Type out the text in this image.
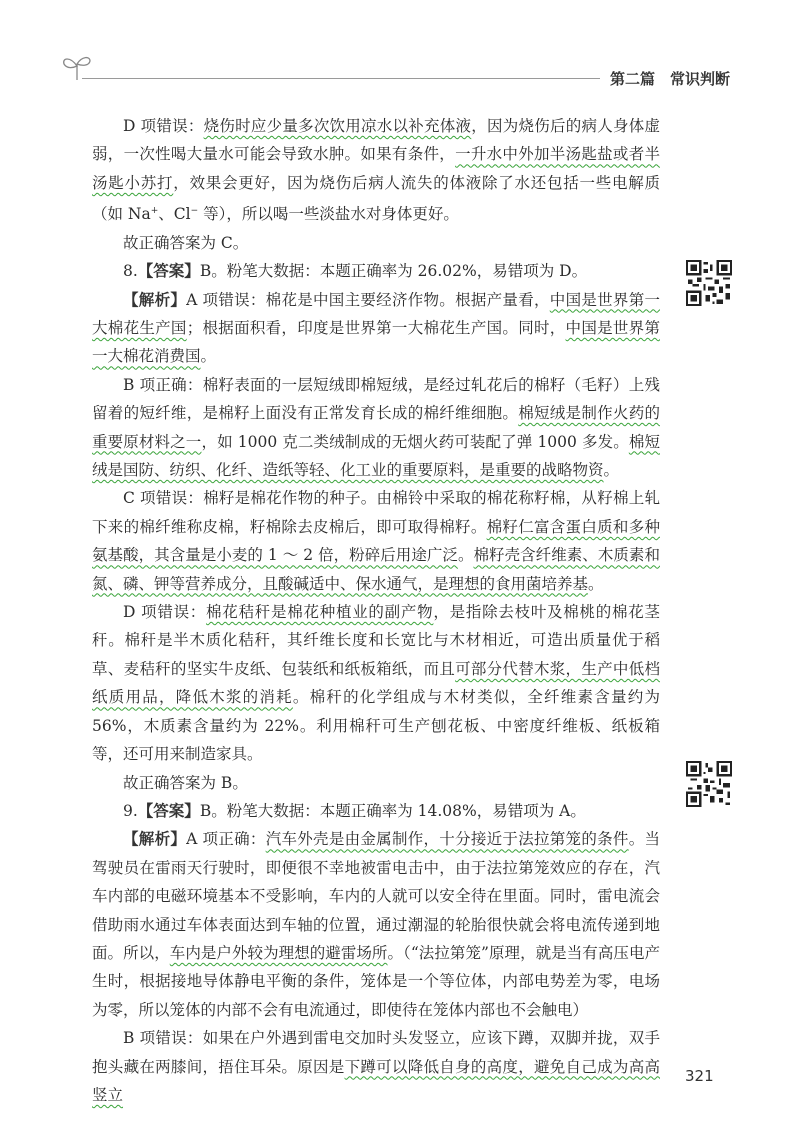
第二篇　常识判断

D 项错误：烧伤时应少量多次饮用凉水以补充体液，因为烧伤后的病人身体虚弱，一次性喝大量水可能会导致水肿。如果有条件，一升水中外加半汤匙盐或者半汤匙小苏打，效果会更好，因为烧伤后病人流失的体液除了水还包括一些电解质（如 Na+、Cl− 等），所以喝一些淡盐水对身体更好。

故正确答案为 C。

8.【答案】B。粉笔大数据：本题正确率为 26.02%，易错项为 D。

【解析】A 项错误：棉花是中国主要经济作物。根据产量看，中国是世界第一大棉花生产国；根据面积看，印度是世界第一大棉花生产国。同时，中国是世界第一大棉花消费国。

B 项正确：棉籽表面的一层短绒即棉短绒，是经过轧花后的棉籽（毛籽）上残留着的短纤维，是棉籽上面没有正常发育长成的棉纤维细胞。棉短绒是制作火药的重要原材料之一，如 1000 克二类绒制成的无烟火药可装配了弹 1000 多发。棉短绒是国防、纺织、化纤、造纸等轻、化工业的重要原料，是重要的战略物资。

C 项错误：棉籽是棉花作物的种子。由棉铃中采取的棉花称籽棉，从籽棉上轧下来的棉纤维称皮棉，籽棉除去皮棉后，即可取得棉籽。棉籽仁富含蛋白质和多种氨基酸，其含量是小麦的 1 ～ 2 倍，粉碎后用途广泛。棉籽壳含纤维素、木质素和氮、磷、钾等营养成分，且酸碱适中、保水通气，是理想的食用菌培养基。

D 项错误：棉花秸秆是棉花种植业的副产物，是指除去枝叶及棉桃的棉花茎秆。棉秆是半木质化秸秆，其纤维长度和长宽比与木材相近，可造出质量优于稻草、麦秸秆的坚实牛皮纸、包装纸和纸板箱纸，而且可部分代替木浆，生产中低档纸质用品，降低木浆的消耗。棉秆的化学组成与木材类似，全纤维素含量约为 56%，木质素含量约为 22%。利用棉秆可生产刨花板、中密度纤维板、纸板箱等，还可用来制造家具。

故正确答案为 B。

9.【答案】B。粉笔大数据：本题正确率为 14.08%，易错项为 A。

【解析】A 项正确：汽车外壳是由金属制作，十分接近于法拉第笼的条件。当驾驶员在雷雨天行驶时，即便很不幸地被雷电击中，由于法拉第笼效应的存在，汽车内部的电磁环境基本不受影响，车内的人就可以安全待在里面。同时，雷电流会借助雨水通过车体表面达到车轴的位置，通过潮湿的轮胎很快就会将电流传递到地面。所以，车内是户外较为理想的避雷场所。（“法拉第笼”原理，就是当有高压电产生时，根据接地导体静电平衡的条件，笼体是一个等位体，内部电势差为零，电场为零，所以笼体的内部不会有电流通过，即使待在笼体内部也不会触电）

B 项错误：如果在户外遇到雷电交加时头发竖立，应该下蹲，双脚并拢，双手抱头藏在两膝间，捂住耳朵。原因是下蹲可以降低自身的高度，避免自己成为高高竖立

321
